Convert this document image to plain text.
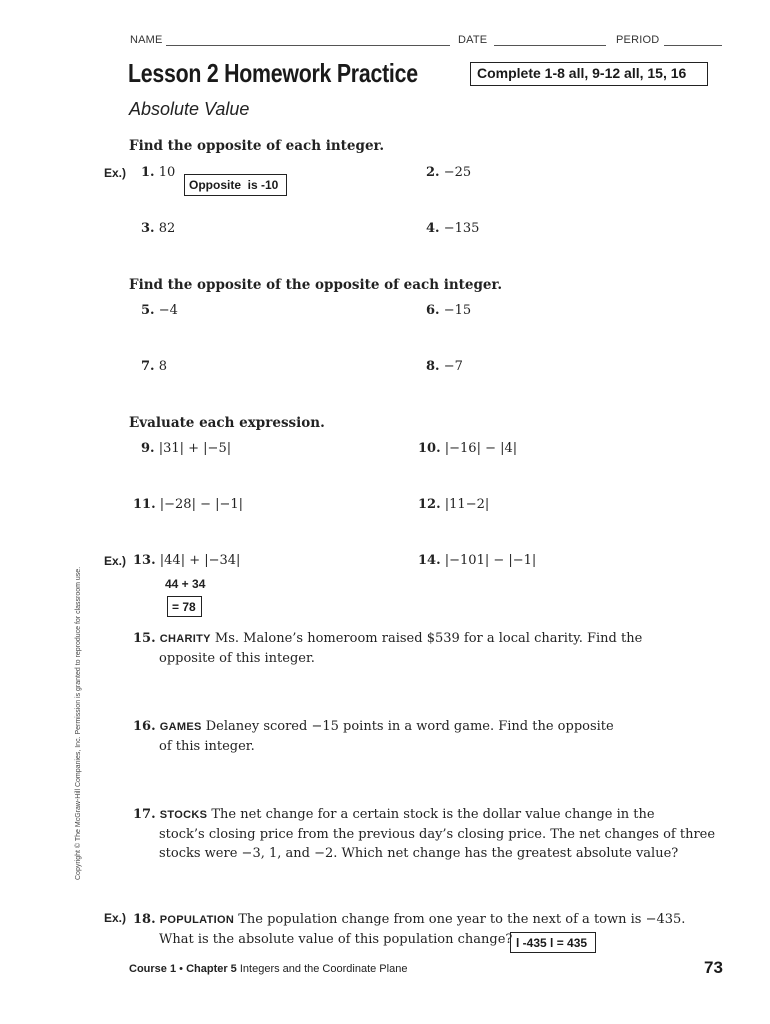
NAME	DATE	PERIOD
Lesson 2 Homework Practice	Complete 1-8 all, 9-12 all, 15, 16
Absolute Value
Find the opposite of each integer.
Ex.) 1. 10
Opposite  is -10
2. −25
3. 82	4. −135
Find the opposite of the opposite of each integer.
5. −4	6. −15
7. 8	8. −7
Evaluate each expression.
9. |31| + |−5|	10. |−16| − |4|
11. |−28| − |−1|	12. |11−2|
Ex.) 13. |44| + |−34|
44 + 34
= 78
14. |−101| − |−1|
15. CHARITY Ms. Malone’s homeroom raised $539 for a local charity. Find the
opposite of this integer.
16. GAMES Delaney scored −15 points in a word game. Find the opposite
of this integer.
17. STOCKS The net change for a certain stock is the dollar value change in the
stock’s closing price from the previous day’s closing price. The net changes of three
stocks were −3, 1, and −2. Which net change has the greatest absolute value?
Ex.) 18. POPULATION The population change from one year to the next of a town is −435.
What is the absolute value of this population change? l -435 l = 435
Copyright © The McGraw-Hill Companies, Inc. Permission is granted to reproduce for classroom use.
Course 1 • Chapter 5 Integers and the Coordinate Plane	73
